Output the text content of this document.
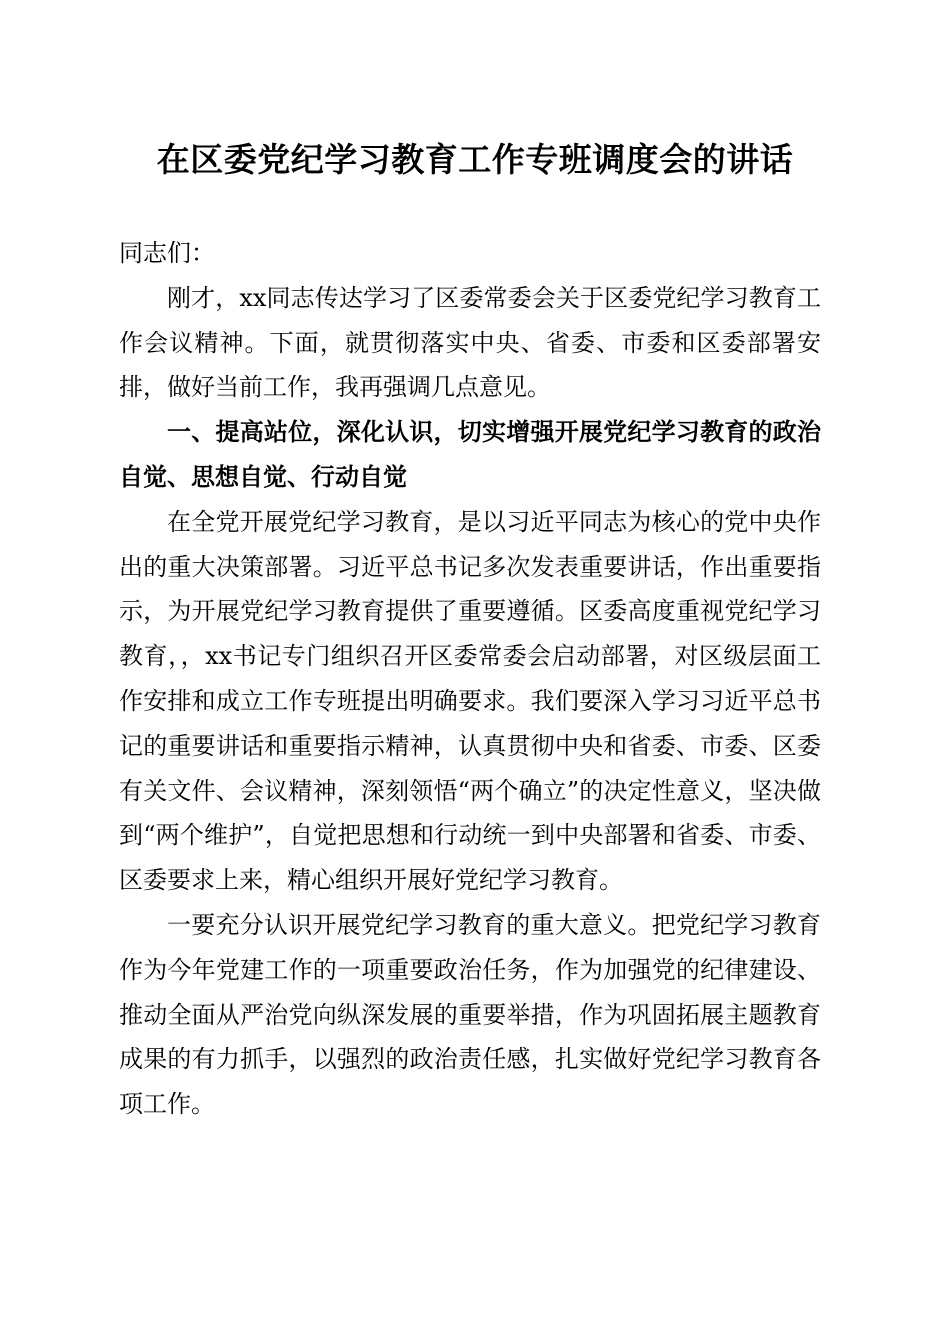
在区委党纪学习教育工作专班调度会的讲话

同志们：

刚才，xx同志传达学习了区委常委会关于区委党纪学习教育工作会议精神。下面，就贯彻落实中央、省委、市委和区委部署安排，做好当前工作，我再强调几点意见。

一、提高站位，深化认识，切实增强开展党纪学习教育的政治自觉、思想自觉、行动自觉

在全党开展党纪学习教育，是以习近平同志为核心的党中央作出的重大决策部署。习近平总书记多次发表重要讲话，作出重要指示，为开展党纪学习教育提供了重要遵循。区委高度重视党纪学习教育，，xx书记专门组织召开区委常委会启动部署，对区级层面工作安排和成立工作专班提出明确要求。我们要深入学习习近平总书记的重要讲话和重要指示精神，认真贯彻中央和省委、市委、区委有关文件、会议精神，深刻领悟“两个确立”的决定性意义，坚决做到“两个维护”，自觉把思想和行动统一到中央部署和省委、市委、区委要求上来，精心组织开展好党纪学习教育。

一要充分认识开展党纪学习教育的重大意义。把党纪学习教育作为今年党建工作的一项重要政治任务，作为加强党的纪律建设、推动全面从严治党向纵深发展的重要举措，作为巩固拓展主题教育成果的有力抓手，以强烈的政治责任感，扎实做好党纪学习教育各项工作。
